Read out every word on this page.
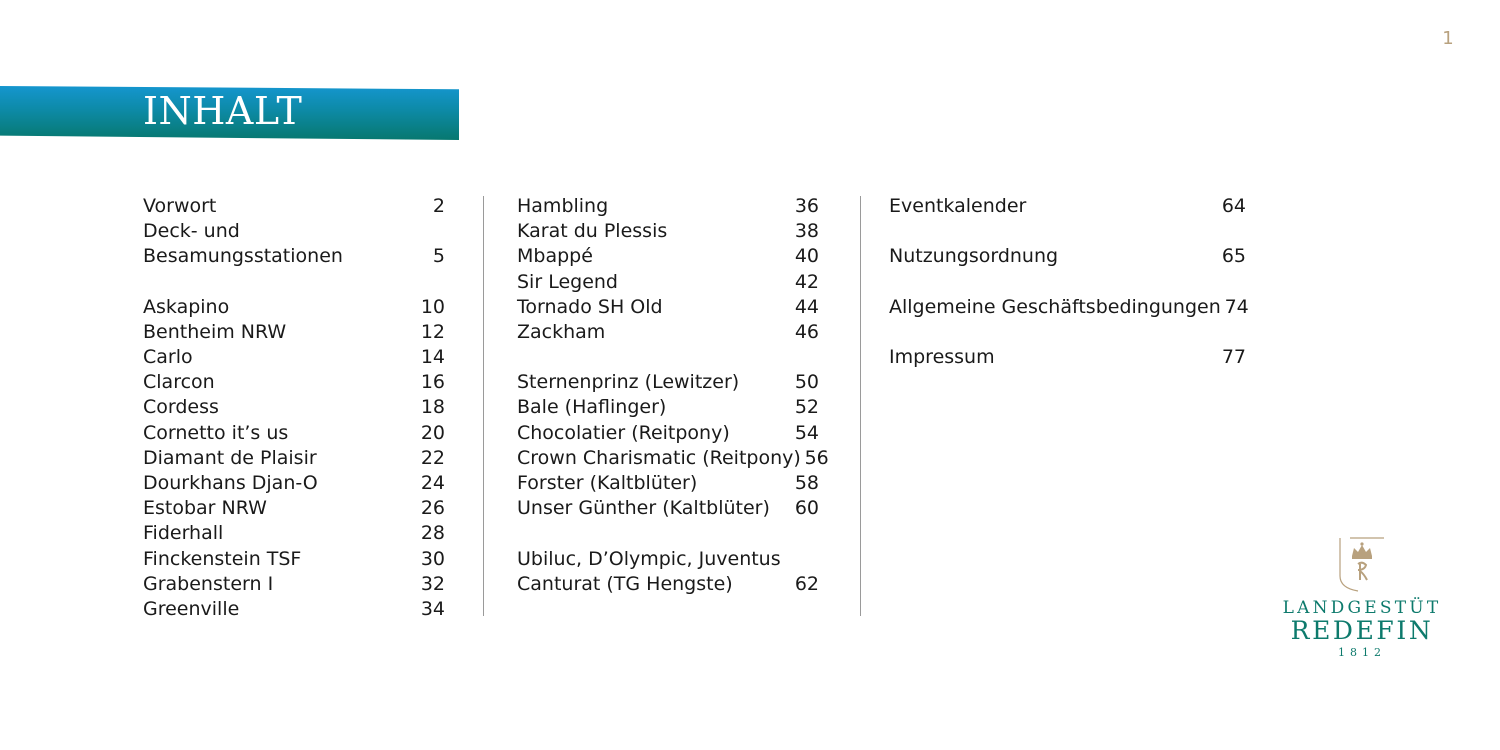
1
INHALT
Vorwort	2
Deck- und
Besamungsstationen	5
Askapino	10
Bentheim NRW	12
Carlo	14
Clarcon	16
Cordess	18
Cornetto it’s us	20
Diamant de Plaisir	22
Dourkhans Djan-O	24
Estobar NRW	26
Fiderhall	28
Finckenstein TSF	30
Grabenstern I	32
Greenville	34
Hambling	36
Karat du Plessis	38
Mbappé	40
Sir Legend	42
Tornado SH Old	44
Zackham	46
Sternenprinz (Lewitzer)	50
Bale (Haflinger)	52
Chocolatier (Reitpony)	54
Crown Charismatic (Reitpony) 56
Forster (Kaltblüter)	58
Unser Günther (Kaltblüter) 60
Ubiluc, D’Olympic, Juventus
Canturat (TG Hengste)	62
Eventkalender	64
Nutzungsordnung	65
Allgemeine Geschäftsbedingungen 74
Impressum	77
LANDGESTÜT
REDEFIN
1812
